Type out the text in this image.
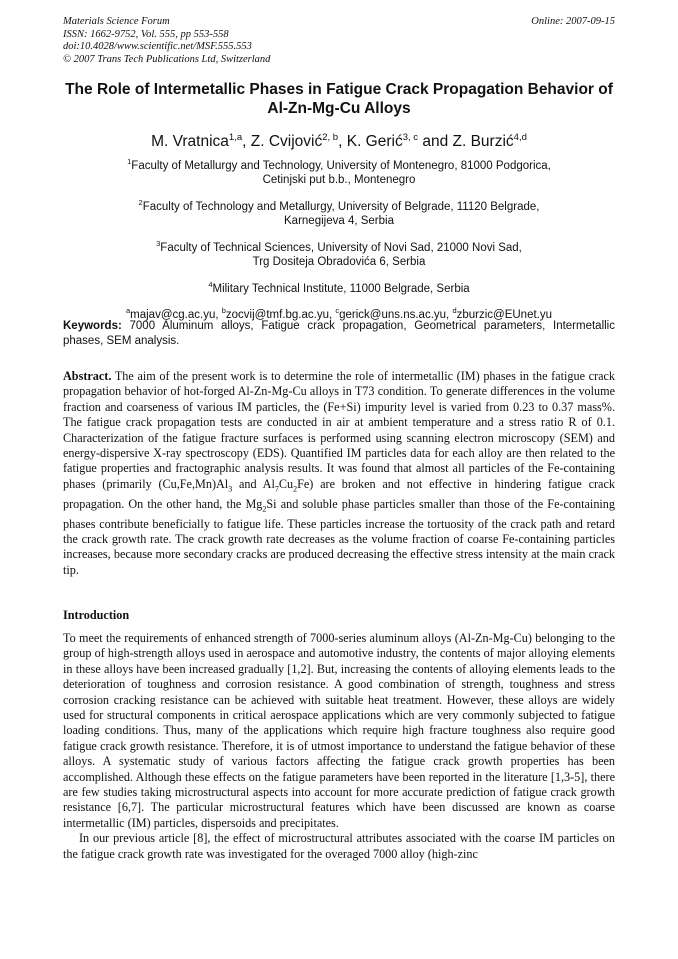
Materials Science Forum
ISSN: 1662-9752, Vol. 555, pp 553-558
doi:10.4028/www.scientific.net/MSF.555.553
© 2007 Trans Tech Publications Ltd, Switzerland
Online: 2007-09-15
The Role of Intermetallic Phases in Fatigue Crack Propagation Behavior of Al-Zn-Mg-Cu Alloys
M. Vratnica$^{1,a}$, Z. Cvijović$^{2, b}$, K. Gerić$^{3, c}$ and Z. Burzić$^{4,d}$
$^1$Faculty of Metallurgy and Technology, University of Montenegro, 81000 Podgorica,
Cetinjski put b.b., Montenegro
$^2$Faculty of Technology and Metallurgy, University of Belgrade, 11120 Belgrade,
Karnegijeva 4, Serbia
$^3$Faculty of Technical Sciences, University of Novi Sad, 21000 Novi Sad,
Trg Dositeja Obradovića 6, Serbia
$^4$Military Technical Institute, 11000 Belgrade, Serbia
$^a$majav@cg.ac.yu, $^b$zocvij@tmf.bg.ac.yu, $^c$gerick@uns.ns.ac.yu, $^d$zburzic@EUnet.yu
Keywords: 7000 Aluminum alloys, Fatigue crack propagation, Geometrical parameters, Intermetallic phases, SEM analysis.
Abstract. The aim of the present work is to determine the role of intermetallic (IM) phases in the fatigue crack propagation behavior of hot-forged Al-Zn-Mg-Cu alloys in T73 condition. To generate differences in the volume fraction and coarseness of various IM particles, the (Fe+Si) impurity level is varied from 0.23 to 0.37 mass%. The fatigue crack propagation tests are conducted in air at ambient temperature and a stress ratio R of 0.1. Characterization of the fatigue fracture surfaces is performed using scanning electron microscopy (SEM) and energy-dispersive X-ray spectroscopy (EDS). Quantified IM particles data for each alloy are then related to the fatigue properties and fractographic analysis results. It was found that almost all particles of the Fe-containing phases (primarily $(Cu,Fe,Mn)Al_3$ and $Al_7Cu_2Fe$) are broken and not effective in hindering fatigue crack propagation. On the other hand, the $Mg_2Si$ and soluble phase particles smaller than those of the Fe-containing phases contribute beneficially to fatigue life. These particles increase the tortuosity of the crack path and retard the crack growth rate. The crack growth rate decreases as the volume fraction of coarse Fe-containing particles increases, because more secondary cracks are produced decreasing the effective stress intensity at the main crack tip.
Introduction

To meet the requirements of enhanced strength of 7000-series aluminum alloys (Al-Zn-Mg-Cu) belonging to the group of high-strength alloys used in aerospace and automotive industry, the contents of major alloying elements in these alloys have been increased gradually [1,2]. But, increasing the contents of alloying elements leads to the deterioration of toughness and corrosion resistance. A good combination of strength, toughness and stress corrosion cracking resistance can be achieved with suitable heat treatment. However, these alloys are widely used for structural components in critical aerospace applications which are very commonly subjected to fatigue loading conditions. Thus, many of the applications which require high fracture toughness also require good fatigue crack growth resistance. Therefore, it is of utmost importance to understand the fatigue behavior of these alloys. A systematic study of various factors affecting the fatigue crack growth properties has been accomplished. Although these effects on the fatigue parameters have been reported in the literature [1,3-5], there are few studies taking microstructural aspects into account for more accurate prediction of fatigue crack growth resistance [6,7]. The particular microstructural features which have been discussed are known as coarse intermetallic (IM) particles, dispersoids and precipitates.

In our previous article [8], the effect of microstructural attributes associated with the coarse IM particles on the fatigue crack growth rate was investigated for the overaged 7000 alloy (high-zinc
